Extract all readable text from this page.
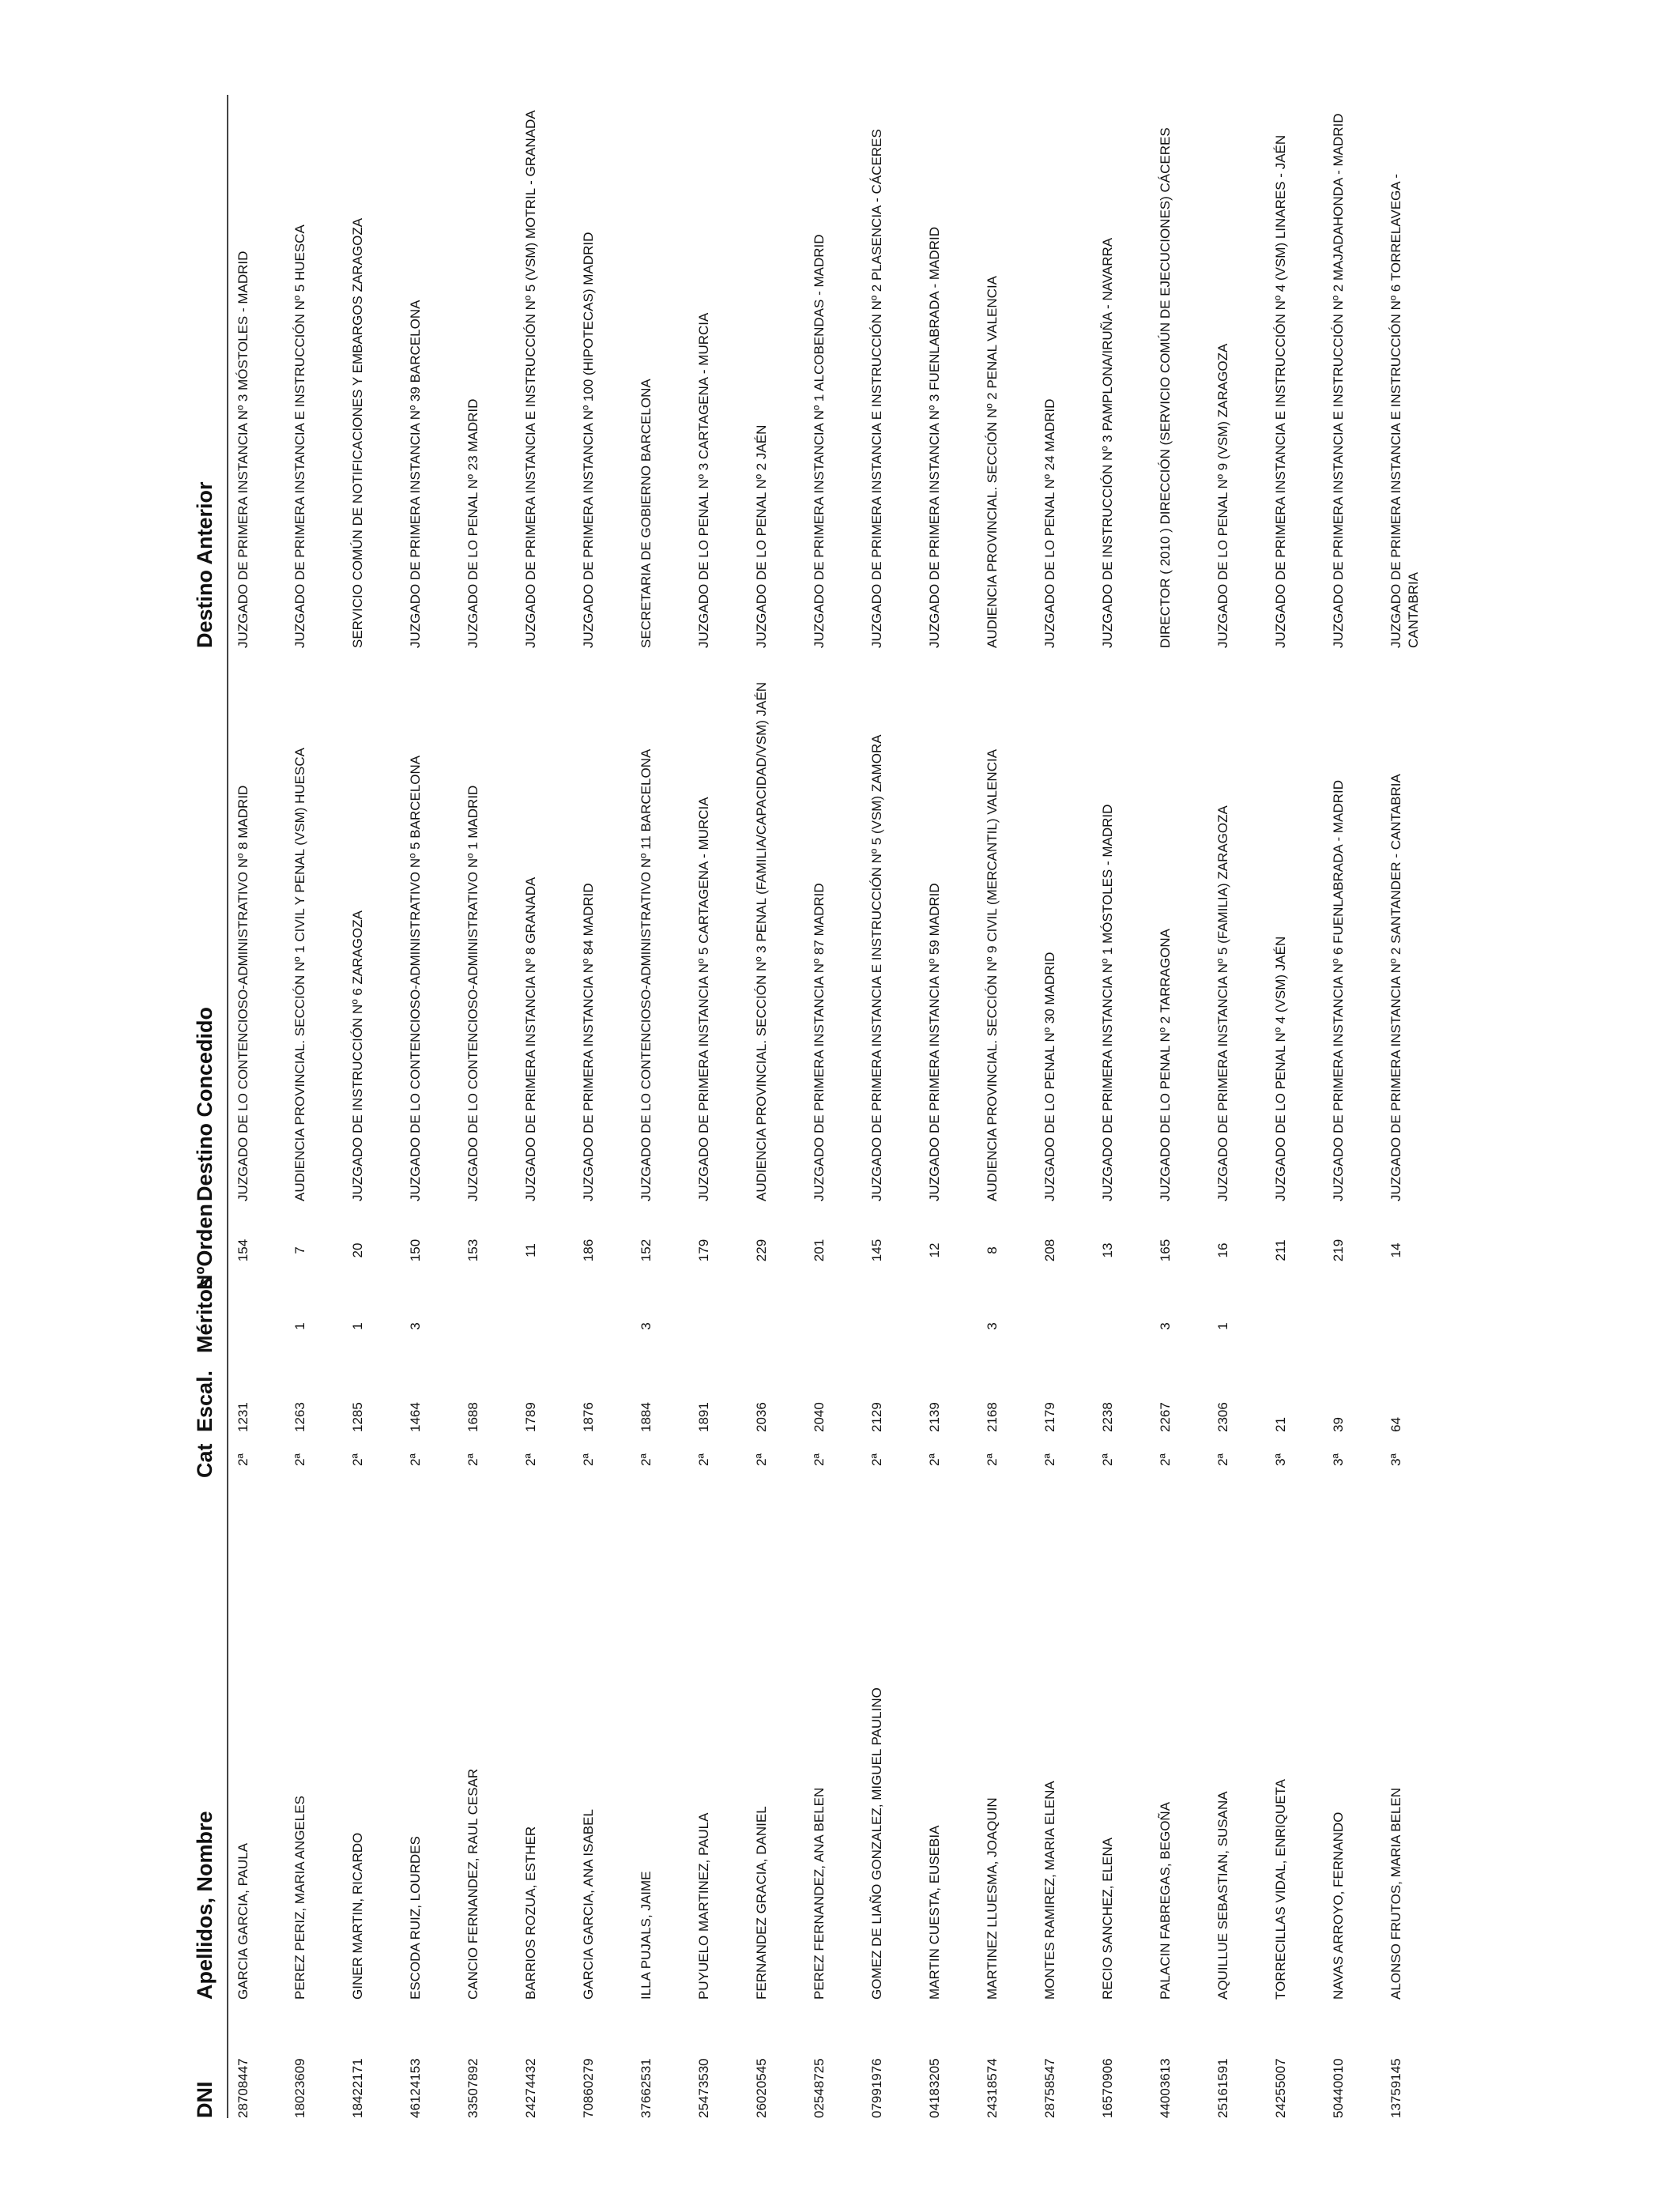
DNI	Apellidos, Nombre	Cat	Escal.	Méritos	NºOrden	Destino Concedido	Destino Anterior
28708447	GARCIA GARCIA, PAULA	2ª	1231		154	JUZGADO DE LO CONTENCIOSO-ADMINISTRATIVO Nº 8 MADRID	JUZGADO DE PRIMERA INSTANCIA Nº 3 MÓSTOLES - MADRID
18023609	PEREZ PERIZ, MARIA ANGELES	2ª	1263	1	7	AUDIENCIA PROVINCIAL. SECCIÓN Nº 1 CIVIL Y PENAL (VSM) HUESCA	JUZGADO DE PRIMERA INSTANCIA E INSTRUCCIÓN Nº 5 HUESCA
18422171	GINER MARTIN, RICARDO	2ª	1285	1	20	JUZGADO DE INSTRUCCIÓN Nº 6 ZARAGOZA	SERVICIO COMÚN DE NOTIFICACIONES Y EMBARGOS ZARAGOZA
46124153	ESCODA RUIZ, LOURDES	2ª	1464	3	150	JUZGADO DE LO CONTENCIOSO-ADMINISTRATIVO Nº 5 BARCELONA	JUZGADO DE PRIMERA INSTANCIA Nº 39 BARCELONA
33507892	CANCIO FERNANDEZ, RAUL CESAR	2ª	1688		153	JUZGADO DE LO CONTENCIOSO-ADMINISTRATIVO Nº 1 MADRID	JUZGADO DE LO PENAL Nº 23 MADRID
24274432	BARRIOS ROZUA, ESTHER	2ª	1789		11	JUZGADO DE PRIMERA INSTANCIA Nº 8 GRANADA	JUZGADO DE PRIMERA INSTANCIA E INSTRUCCIÓN Nº 5 (VSM) MOTRIL - GRANADA
70860279	GARCIA GARCIA, ANA ISABEL	2ª	1876		186	JUZGADO DE PRIMERA INSTANCIA Nº 84 MADRID	JUZGADO DE PRIMERA INSTANCIA Nº 100 (HIPOTECAS) MADRID
37662531	ILLA PUJALS, JAIME	2ª	1884	3	152	JUZGADO DE LO CONTENCIOSO-ADMINISTRATIVO Nº 11 BARCELONA	SECRETARIA DE GOBIERNO BARCELONA
25473530	PUYUELO MARTINEZ, PAULA	2ª	1891		179	JUZGADO DE PRIMERA INSTANCIA Nº 5 CARTAGENA - MURCIA	JUZGADO DE LO PENAL Nº 3 CARTAGENA - MURCIA
26020545	FERNANDEZ GRACIA, DANIEL	2ª	2036		229	AUDIENCIA PROVINCIAL. SECCIÓN Nº 3 PENAL (FAMILIA/CAPACIDAD/VSM) JAÉN	JUZGADO DE LO PENAL Nº 2 JAÉN
02548725	PEREZ FERNANDEZ, ANA BELEN	2ª	2040		201	JUZGADO DE PRIMERA INSTANCIA Nº 87 MADRID	JUZGADO DE PRIMERA INSTANCIA Nº 1 ALCOBENDAS - MADRID
07991976	GOMEZ DE LIAÑO GONZALEZ, MIGUEL PAULINO	2ª	2129		145	JUZGADO DE PRIMERA INSTANCIA E INSTRUCCIÓN Nº 5 (VSM) ZAMORA	JUZGADO DE PRIMERA INSTANCIA E INSTRUCCIÓN Nº 2 PLASENCIA - CÁCERES
04183205	MARTIN CUESTA, EUSEBIA	2ª	2139		12	JUZGADO DE PRIMERA INSTANCIA Nº 59 MADRID	JUZGADO DE PRIMERA INSTANCIA Nº 3 FUENLABRADA - MADRID
24318574	MARTINEZ LLUESMA, JOAQUIN	2ª	2168	3	8	AUDIENCIA PROVINCIAL. SECCIÓN Nº 9 CIVIL (MERCANTIL) VALENCIA	AUDIENCIA PROVINCIAL. SECCIÓN Nº 2 PENAL VALENCIA
28758547	MONTES RAMIREZ, MARIA ELENA	2ª	2179		208	JUZGADO DE LO PENAL Nº 30 MADRID	JUZGADO DE LO PENAL Nº 24 MADRID
16570906	RECIO SANCHEZ, ELENA	2ª	2238		13	JUZGADO DE PRIMERA INSTANCIA Nº 1 MÓSTOLES - MADRID	JUZGADO DE INSTRUCCIÓN Nº 3 PAMPLONA/IRUÑA - NAVARRA
44003613	PALACIN FABREGAS, BEGOÑA	2ª	2267	3	165	JUZGADO DE LO PENAL Nº 2 TARRAGONA	DIRECTOR ( 2010 ) DIRECCIÓN (SERVICIO COMÚN DE EJECUCIONES) CÁCERES
25161591	AQUILLUE SEBASTIAN, SUSANA	2ª	2306	1	16	JUZGADO DE PRIMERA INSTANCIA Nº 5 (FAMILIA) ZARAGOZA	JUZGADO DE LO PENAL Nº 9 (VSM) ZARAGOZA
24255007	TORRECILLAS VIDAL, ENRIQUETA	3ª	21		211	JUZGADO DE LO PENAL Nº 4 (VSM) JAÉN	JUZGADO DE PRIMERA INSTANCIA E INSTRUCCIÓN Nº 4 (VSM) LINARES - JAÉN
50440010	NAVAS ARROYO, FERNANDO	3ª	39		219	JUZGADO DE PRIMERA INSTANCIA Nº 6 FUENLABRADA - MADRID	JUZGADO DE PRIMERA INSTANCIA E INSTRUCCIÓN Nº 2 MAJADAHONDA - MADRID
13759145	ALONSO FRUTOS, MARIA BELEN	3ª	64		14	JUZGADO DE PRIMERA INSTANCIA Nº 2 SANTANDER - CANTABRIA	JUZGADO DE PRIMERA INSTANCIA E INSTRUCCIÓN Nº 6 TORRELAVEGA - CANTABRIA
